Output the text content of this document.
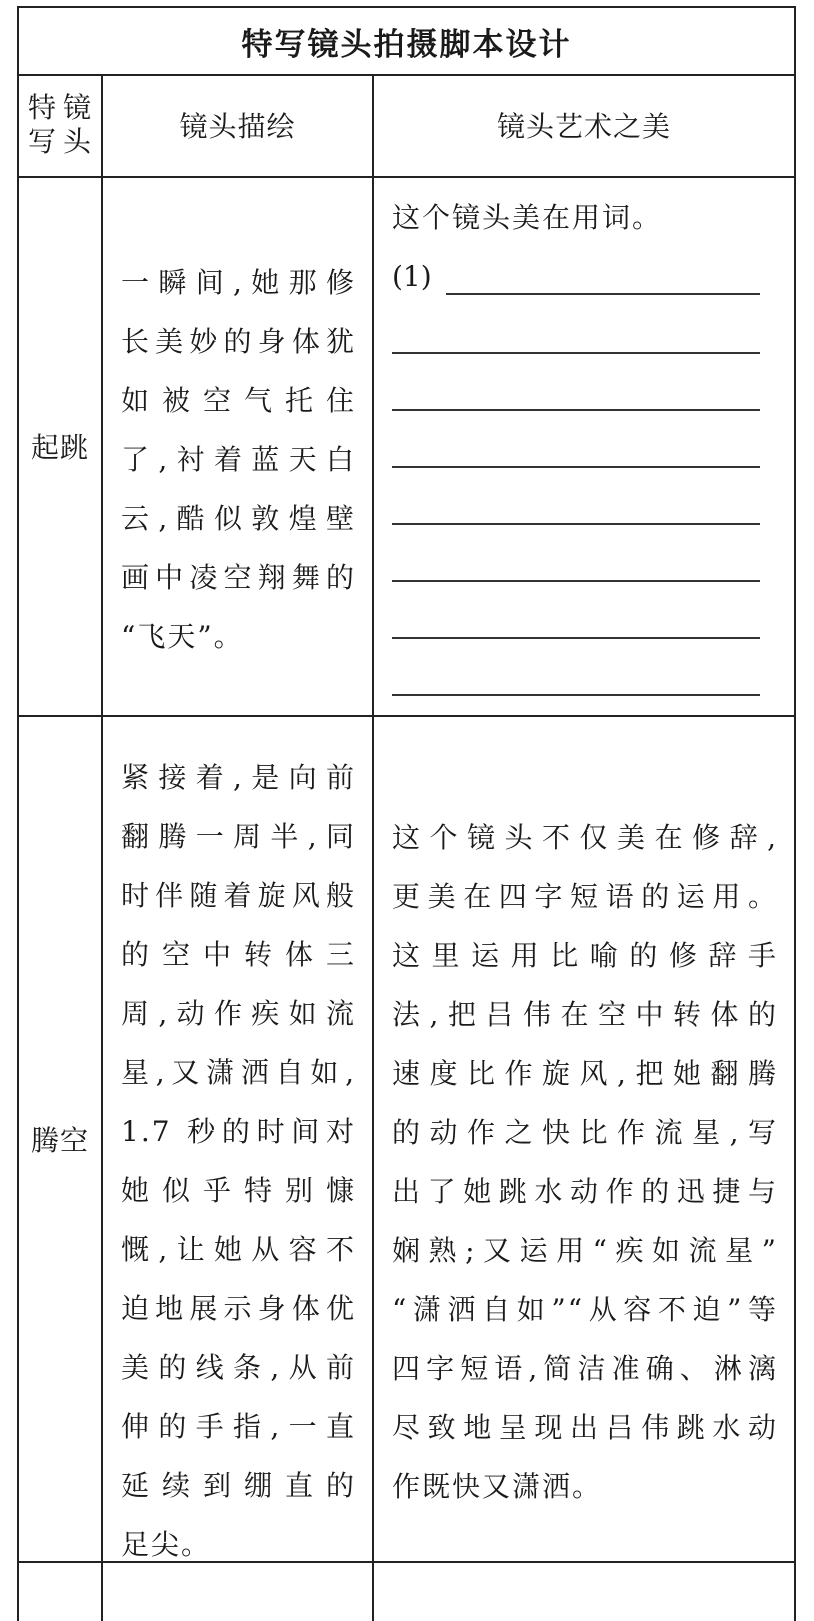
特写镜头拍摄脚本设计
特写

镜头	镜头描绘	镜头艺术之美
起跳
一瞬间,她那修
长美妙的身体犹
如被空气托住
了,衬着蓝天白
云,酷似敦煌壁
画中凌空翔舞的
“飞天”。
这个镜头美在用词。
(1)
腾空
紧接着,是向前
翻腾一周半,同
时伴随着旋风般
的空中转体三
周,动作疾如流
星,又潇洒自如,
1.7 秒的时间对
她似乎特别慷
慨,让她从容不
迫地展示身体优
美的线条,从前
伸的手指,一直
延续到绷直的
足尖。
这个镜头不仅美在修辞,
更美在四字短语的运用。
这里运用比喻的修辞手
法,把吕伟在空中转体的
速度比作旋风,把她翻腾
的动作之快比作流星,写
出了她跳水动作的迅捷与
娴熟;又运用“疾如流星”
“潇洒自如”“从容不迫”等
四字短语,简洁准确、淋漓
尽致地呈现出吕伟跳水动
作既快又潇洒。
